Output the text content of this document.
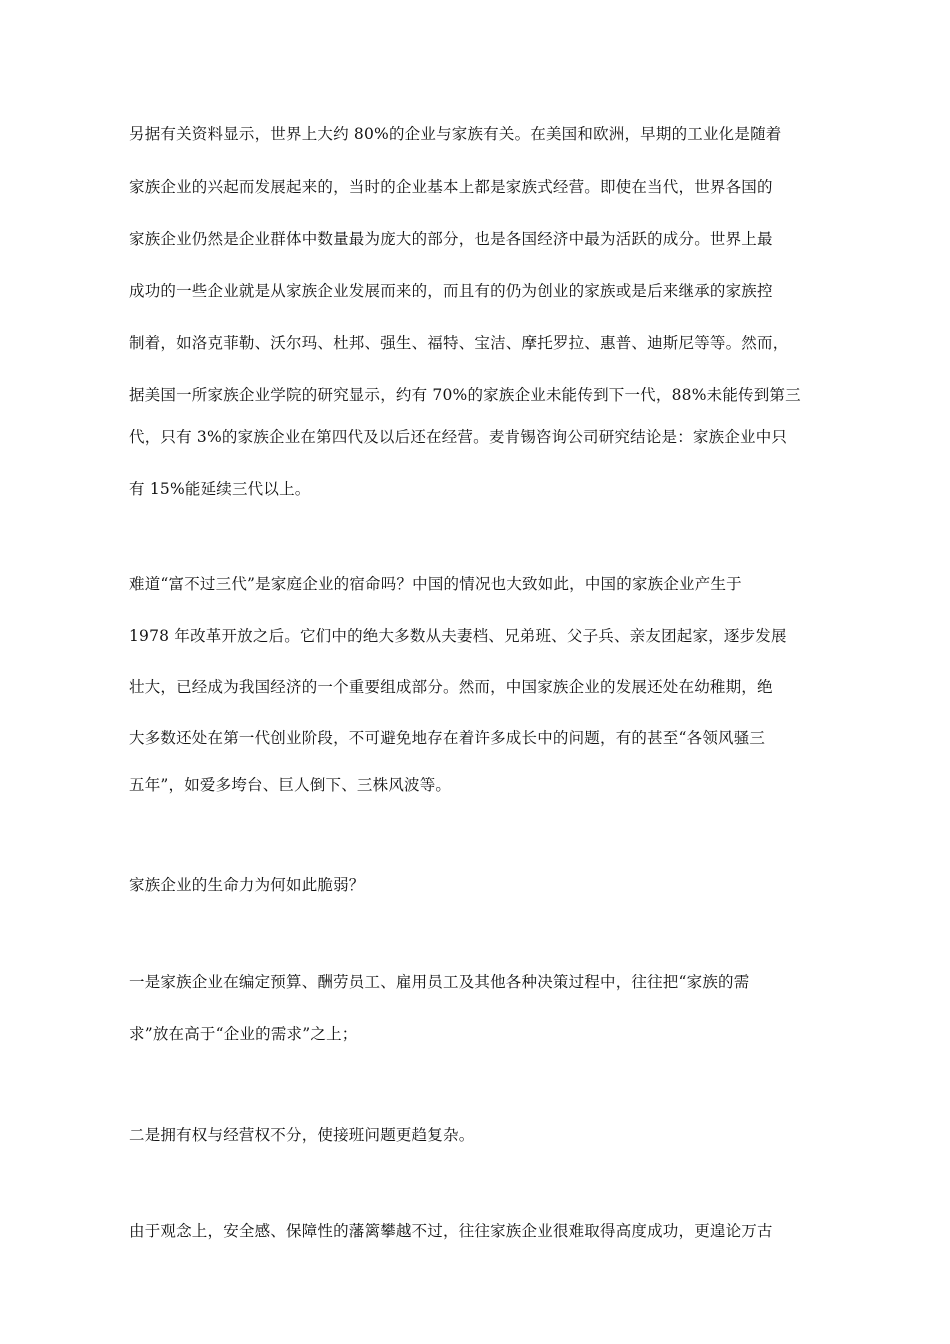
另据有关资料显示，世界上大约 80%的企业与家族有关。在美国和欧洲，早期的工业化是随着
家族企业的兴起而发展起来的，当时的企业基本上都是家族式经营。即使在当代，世界各国的
家族企业仍然是企业群体中数量最为庞大的部分，也是各国经济中最为活跃的成分。世界上最
成功的一些企业就是从家族企业发展而来的，而且有的仍为创业的家族或是后来继承的家族控
制着，如洛克菲勒、沃尔玛、杜邦、强生、福特、宝洁、摩托罗拉、惠普、迪斯尼等等。然而，
据美国一所家族企业学院的研究显示，约有 70%的家族企业未能传到下一代，88%未能传到第三
代，只有 3%的家族企业在第四代及以后还在经营。麦肯锡咨询公司研究结论是：家族企业中只
有 15%能延续三代以上。
难道“富不过三代”是家庭企业的宿命吗？中国的情况也大致如此，中国的家族企业产生于
1978 年改革开放之后。它们中的绝大多数从夫妻档、兄弟班、父子兵、亲友团起家，逐步发展
壮大，已经成为我国经济的一个重要组成部分。然而，中国家族企业的发展还处在幼稚期，绝
大多数还处在第一代创业阶段，不可避免地存在着许多成长中的问题，有的甚至“各领风骚三
五年”，如爱多垮台、巨人倒下、三株风波等。
家族企业的生命力为何如此脆弱？
一是家族企业在编定预算、酬劳员工、雇用员工及其他各种决策过程中，往往把“家族的需
求”放在高于“企业的需求”之上；
二是拥有权与经营权不分，使接班问题更趋复杂。
由于观念上，安全感、保障性的藩篱攀越不过，往往家族企业很难取得高度成功，更遑论万古
